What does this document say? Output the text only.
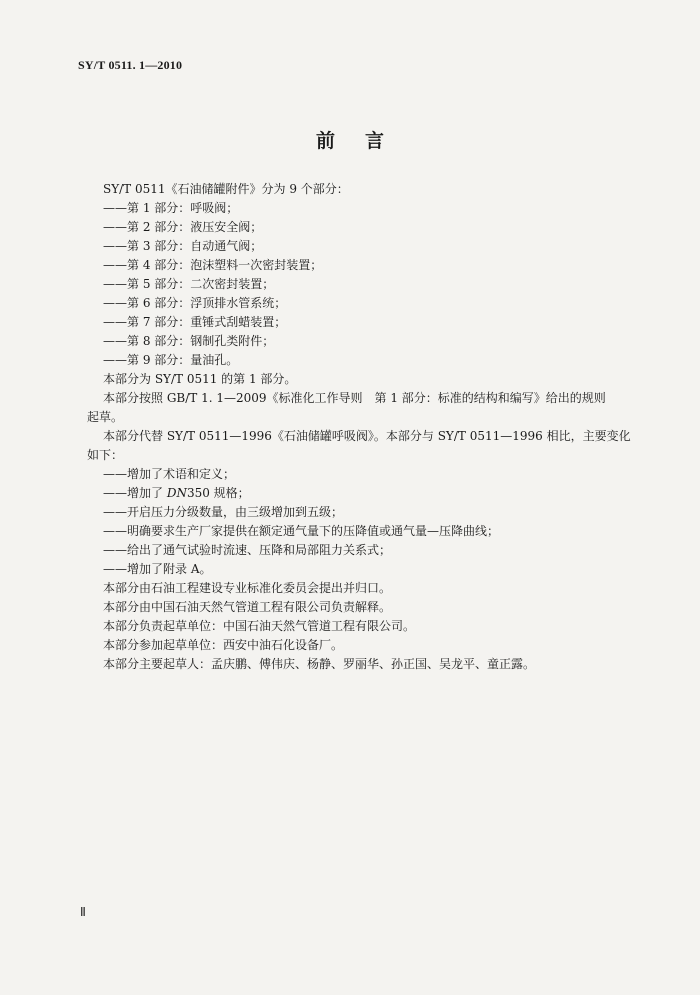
SY/T 0511. 1—2010
前言

SY/T 0511《石油储罐附件》分为 9 个部分：

——第 1 部分：呼吸阀；

——第 2 部分：液压安全阀；

——第 3 部分：自动通气阀；

——第 4 部分：泡沫塑料一次密封装置；

——第 5 部分：二次密封装置；

——第 6 部分：浮顶排水管系统；

——第 7 部分：重锤式刮蜡装置；

——第 8 部分：钢制孔类附件；

——第 9 部分：量油孔。

本部分为 SY/T 0511 的第 1 部分。

本部分按照 GB/T 1. 1—2009《标准化工作导则　第 1 部分：标准的结构和编写》给出的规则

起草。

本部分代替 SY/T 0511—1996《石油储罐呼吸阀》。本部分与 SY/T 0511—1996 相比，主要变化

如下：

——增加了术语和定义；

——增加了 DN350 规格；

——开启压力分级数量，由三级增加到五级；

——明确要求生产厂家提供在额定通气量下的压降值或通气量—压降曲线；

——给出了通气试验时流速、压降和局部阻力关系式；

——增加了附录 A。

本部分由石油工程建设专业标准化委员会提出并归口。

本部分由中国石油天然气管道工程有限公司负责解释。

本部分负责起草单位：中国石油天然气管道工程有限公司。

本部分参加起草单位：西安中油石化设备厂。

本部分主要起草人：孟庆鹏、傅伟庆、杨静、罗丽华、孙正国、吴龙平、童正露。

Ⅱ
